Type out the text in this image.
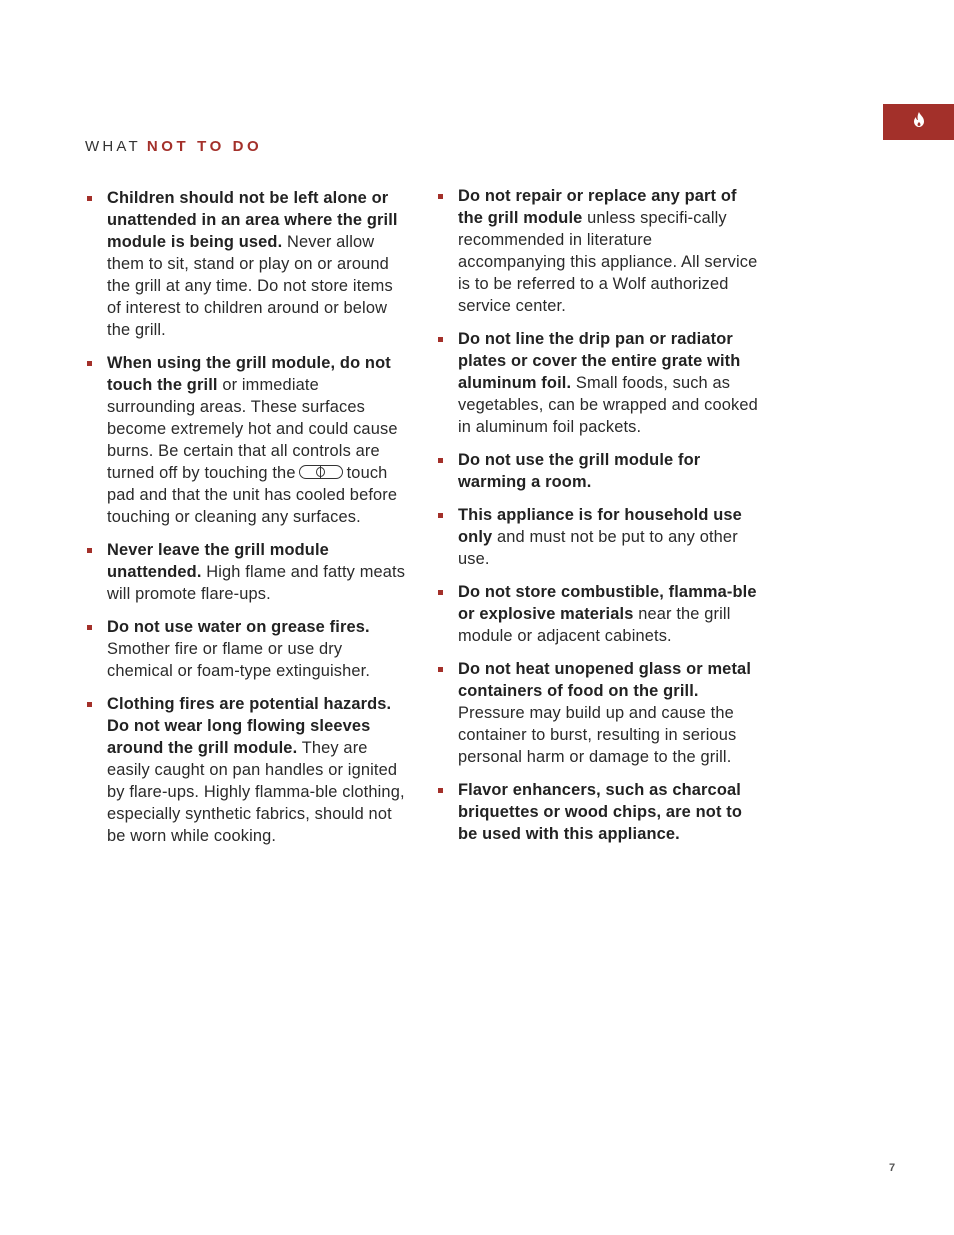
WHAT NOT TO DO
Children should not be left alone or unattended in an area where the grill module is being used. Never allow them to sit, stand or play on or around the grill at any time. Do not store items of interest to children around or below the grill.
When using the grill module, do not touch the grill or immediate surrounding areas. These surfaces become extremely hot and could cause burns. Be certain that all controls are turned off by touching the	touch pad and that the unit has cooled before touching or cleaning any surfaces.
Never leave the grill module unattended. High flame and fatty meats will promote flare-ups.
Do not use water on grease fires. Smother fire or flame or use dry chemical or foam-type extinguisher.
Clothing fires are potential hazards. Do not wear long flowing sleeves around the grill module. They are easily caught on pan handles or ignited by flare-ups. Highly flamma-ble clothing, especially synthetic fabrics, should not be worn while cooking.
Do not repair or replace any part of the grill module unless specifi-cally recommended in literature accompanying this appliance. All service is to be referred to a Wolf authorized service center.
Do not line the drip pan or radiator plates or cover the entire grate with aluminum foil. Small foods, such as vegetables, can be wrapped and cooked in aluminum foil packets.
Do not use the grill module for warming a room.
This appliance is for household use only and must not be put to any other use.
Do not store combustible, flamma-ble or explosive materials near the grill module or adjacent cabinets.
Do not heat unopened glass or metal containers of food on the grill. Pressure may build up and cause the container to burst, resulting in serious personal harm or damage to the grill.
Flavor enhancers, such as charcoal briquettes or wood chips, are not to be used with this appliance.
7
